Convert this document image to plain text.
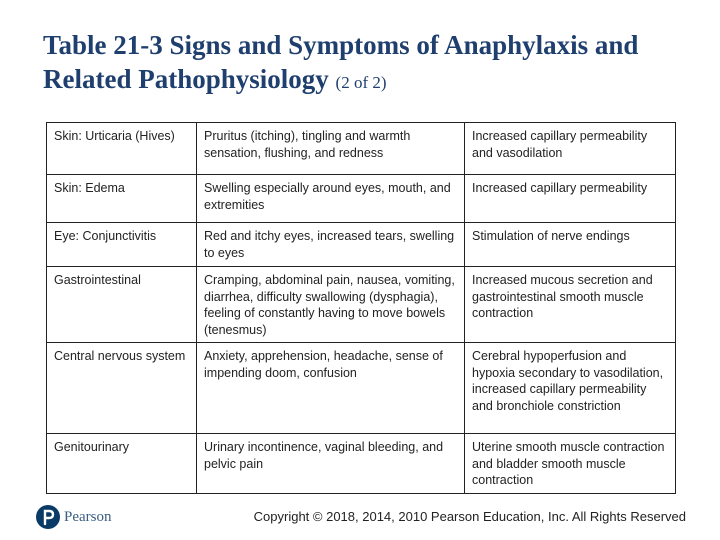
Table 21-3 Signs and Symptoms of Anaphylaxis and Related Pathophysiology (2 of 2)
Skin: Urticaria (Hives)	Pruritus (itching), tingling and warmth sensation, flushing, and redness	Increased capillary permeability and vasodilation
Skin: Edema	Swelling especially around eyes, mouth, and extremities	Increased capillary permeability
Eye: Conjunctivitis	Red and itchy eyes, increased tears, swelling to eyes	Stimulation of nerve endings
Gastrointestinal	Cramping, abdominal pain, nausea, vomiting, diarrhea, difficulty swallowing (dysphagia), feeling of constantly having to move bowels (tenesmus)	Increased mucous secretion and gastrointestinal smooth muscle contraction
Central nervous system	Anxiety, apprehension, headache, sense of impending doom, confusion	Cerebral hypoperfusion and hypoxia secondary to vasodilation, increased capillary permeability and bronchiole constriction
Genitourinary	Urinary incontinence, vaginal bleeding, and pelvic pain	Uterine smooth muscle contraction and bladder smooth muscle contraction
Pearson	Copyright © 2018, 2014, 2010 Pearson Education, Inc. All Rights Reserved
